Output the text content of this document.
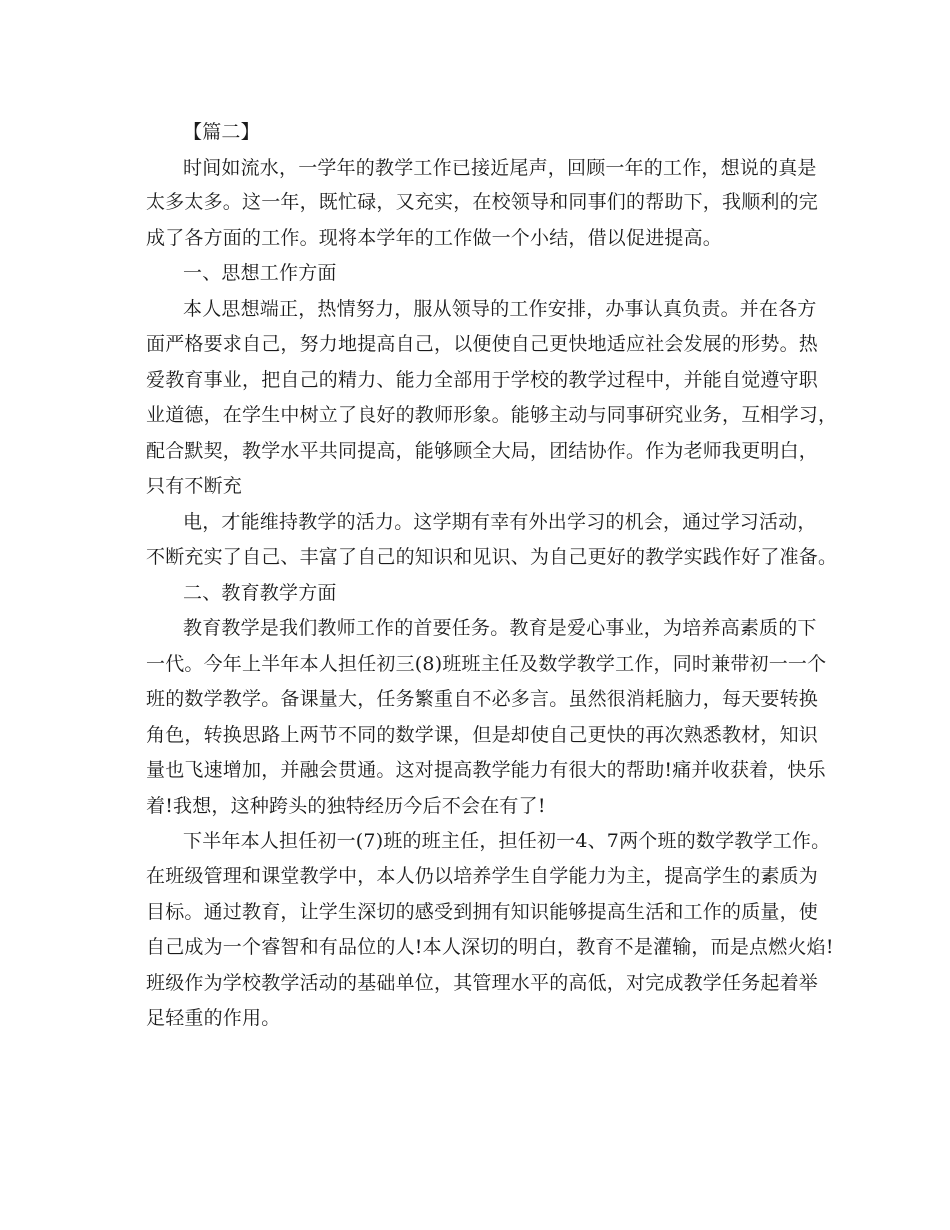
【篇二】
时间如流水，一学年的教学工作已接近尾声，回顾一年的工作，想说的真是
太多太多。这一年，既忙碌，又充实，在校领导和同事们的帮助下，我顺利的完
成了各方面的工作。现将本学年的工作做一个小结，借以促进提高。
一、思想工作方面
本人思想端正，热情努力，服从领导的工作安排，办事认真负责。并在各方
面严格要求自己，努力地提高自己，以便使自己更快地适应社会发展的形势。热
爱教育事业，把自己的精力、能力全部用于学校的教学过程中，并能自觉遵守职
业道德，在学生中树立了良好的教师形象。能够主动与同事研究业务，互相学习，
配合默契，教学水平共同提高，能够顾全大局，团结协作。作为老师我更明白，
只有不断充
电，才能维持教学的活力。这学期有幸有外出学习的机会，通过学习活动，
不断充实了自己、丰富了自己的知识和见识、为自己更好的教学实践作好了准备。
二、教育教学方面
教育教学是我们教师工作的首要任务。教育是爱心事业，为培养高素质的下
一代。今年上半年本人担任初三(8)班班主任及数学教学工作，同时兼带初一一个
班的数学教学。备课量大，任务繁重自不必多言。虽然很消耗脑力，每天要转换
角色，转换思路上两节不同的数学课，但是却使自己更快的再次熟悉教材，知识
量也飞速增加，并融会贯通。这对提高教学能力有很大的帮助!痛并收获着，快乐
着!我想，这种跨头的独特经历今后不会在有了!
下半年本人担任初一(7)班的班主任，担任初一4、7两个班的数学教学工作。
在班级管理和课堂教学中，本人仍以培养学生自学能力为主，提高学生的素质为
目标。通过教育，让学生深切的感受到拥有知识能够提高生活和工作的质量，使
自己成为一个睿智和有品位的人!本人深切的明白，教育不是灌输，而是点燃火焰!
班级作为学校教学活动的基础单位，其管理水平的高低，对完成教学任务起着举
足轻重的作用。
